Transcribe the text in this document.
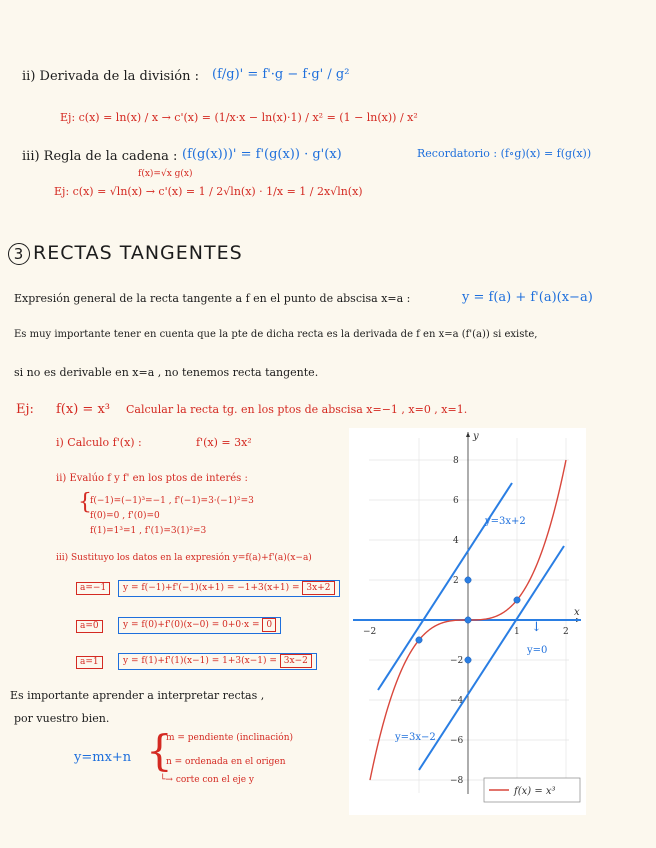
ii) Derivada de la división : (f/g)' = f'·g − f·g' / g²
Ej: c(x) = ln(x) / x → c'(x) = (1/x·x − ln(x)·1) / x² = (1 − ln(x)) / x²
iii) Regla de la cadena : (f(g(x)))' = f'(g(x)) · g'(x)	Recordatorio : (f∘g)(x) = f(g(x))
f(x)=√x g(x)
Ej: c(x) = √ln(x) → c'(x) = 1 / 2√ln(x) · 1/x = 1 / 2x√ln(x)
3 RECTAS TANGENTES
Expresión general de la recta tangente a f en el punto de abscisa x=a :	y = f(a) + f'(a)(x−a)
Es muy importante tener en cuenta que la pte de dicha recta es la derivada de f en x=a (f'(a)) si existe,
si no es derivable en x=a , no tenemos recta tangente.
Ej: f(x) = x³ Calcular la recta tg. en los ptos de abscisa x=−1 , x=0 , x=1.
i) Calculo f'(x) :	f'(x) = 3x²
ii) Evalúo f y f' en los ptos de interés :
{
f(−1)=(−1)³=−1 , f'(−1)=3·(−1)²=3
f(0)=0 , f'(0)=0
f(1)=1³=1 , f'(1)=3(1)²=3
iii) Sustituyo los datos en la expresión y=f(a)+f'(a)(x−a)
a=−1	y = f(−1)+f'(−1)(x+1) = −1+3(x+1) = 3x+2
a=0	y = f(0)+f'(0)(x−0) = 0+0·x = 0
a=1	y = f(1)+f'(1)(x−1) = 1+3(x−1) = 3x−2
Es importante aprender a interpretar rectas ,
por vuestro bien.
y=mx+n {
m = pendiente (inclinación)
n = ordenada en el origen
└→ corte con el eje y
x
y
−2	1	2
8
6
4
2
−2
−4
−6
−8
y=3x+2
↓
y=0
y=3x−2
f(x) = x³
